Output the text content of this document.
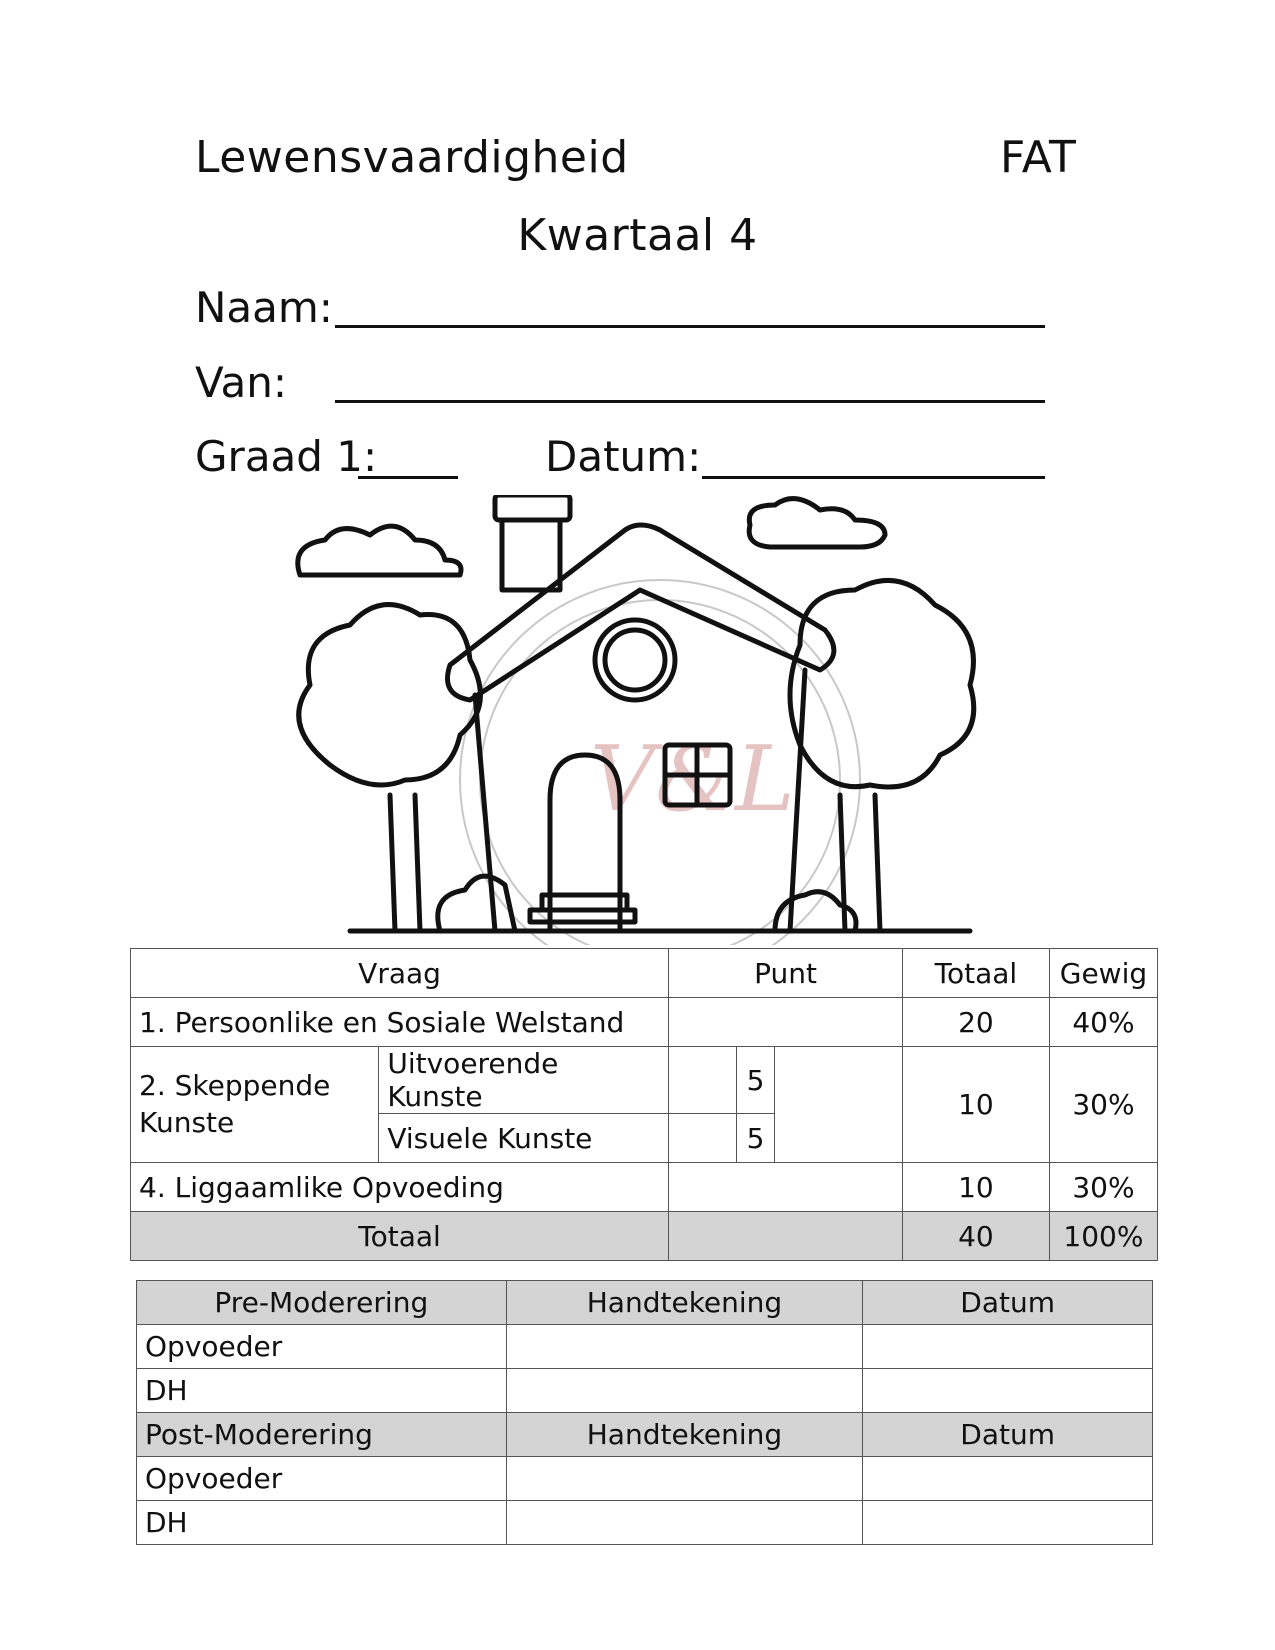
Lewensvaardigheid	FAT
Kwartaal 4
Naam:
Van:
Graad 1:	Datum:
V&L
Vraag		Punt			Totaal	Gewig
1. Persoonlike en Sosiale Welstand					20	40%
2. Skeppende Kunste	Uitvoerende Kunste		5		10	30%
	Visuele Kunste		5			
4. Liggaamlike Opvoeding					10	30%
Totaal					40	100%
Pre-Moderering	Handtekening	Datum
Opvoeder		
DH		
Post-Moderering	Handtekening	Datum
Opvoeder		
DH		
